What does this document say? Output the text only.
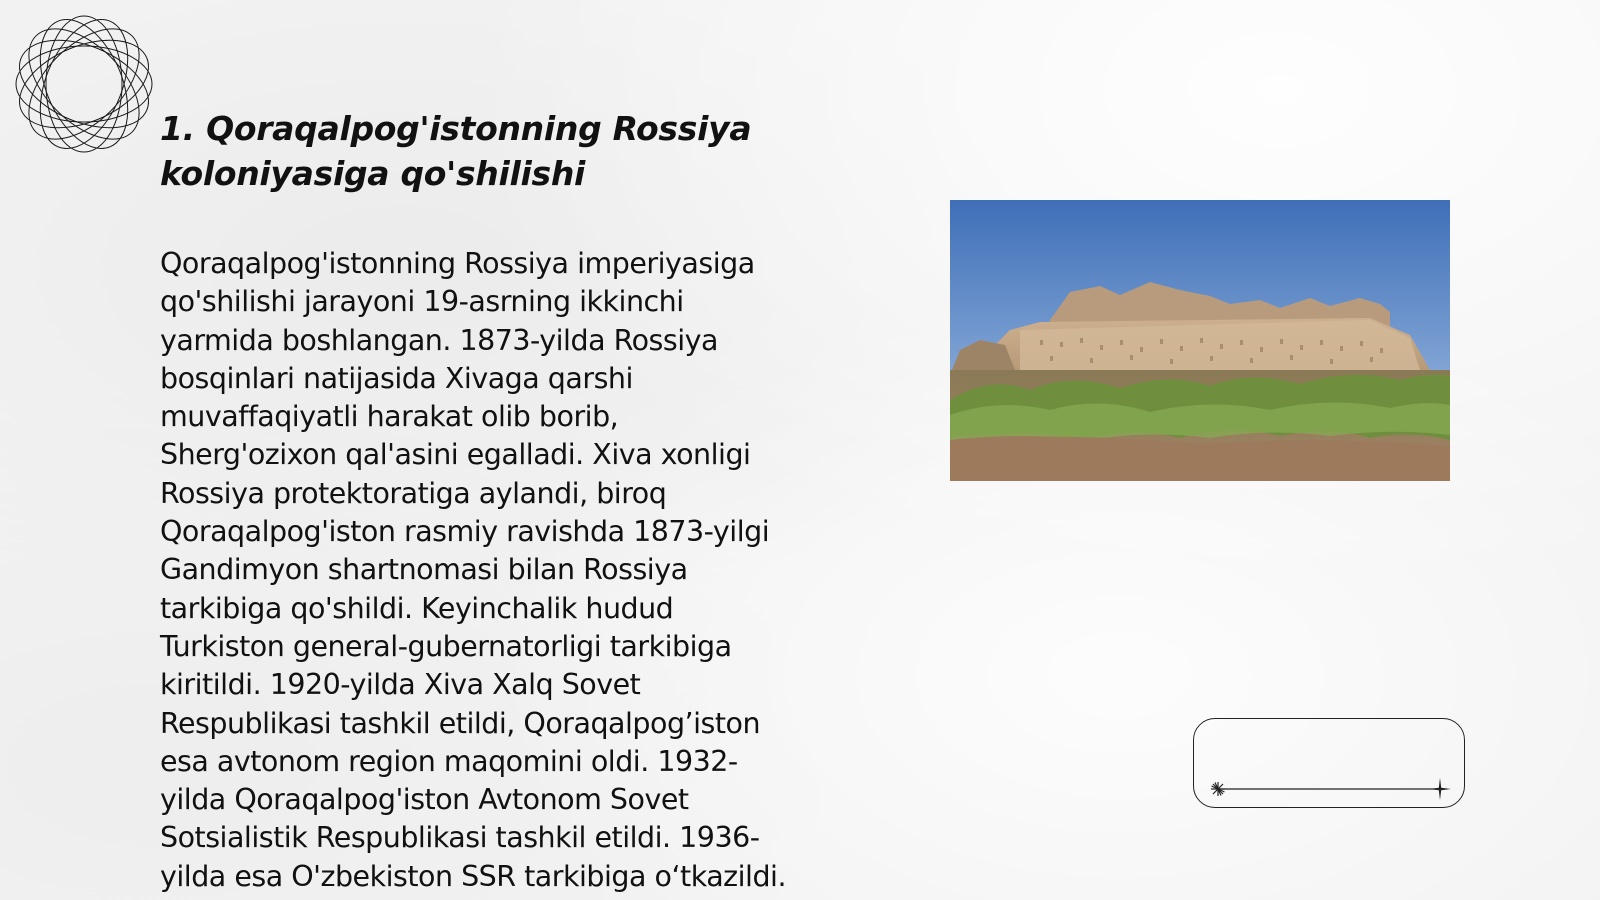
1. Qoraqalpog'istonning Rossiya koloniyasiga qo'shilishi

Qoraqalpog'istonning Rossiya imperiyasiga
qo'shilishi jarayoni 19-asrning ikkinchi
yarmida boshlangan. 1873-yilda Rossiya
bosqinlari natijasida Xivaga qarshi
muvaffaqiyatli harakat olib borib,
Sherg'ozixon qal'asini egalladi. Xiva xonligi
Rossiya protektoratiga aylandi, biroq
Qoraqalpog'iston rasmiy ravishda 1873-yilgi
Gandimyon shartnomasi bilan Rossiya
tarkibiga qo'shildi. Keyinchalik hudud
Turkiston general-gubernatorligi tarkibiga
kiritildi. 1920-yilda Xiva Xalq Sovet
Respublikasi tashkil etildi, Qoraqalpog’iston
esa avtonom region maqomini oldi. 1932-
yilda Qoraqalpog'iston Avtonom Sovet
Sotsialistik Respublikasi tashkil etildi. 1936-
yilda esa O'zbekiston SSR tarkibiga o‘tkazildi.
